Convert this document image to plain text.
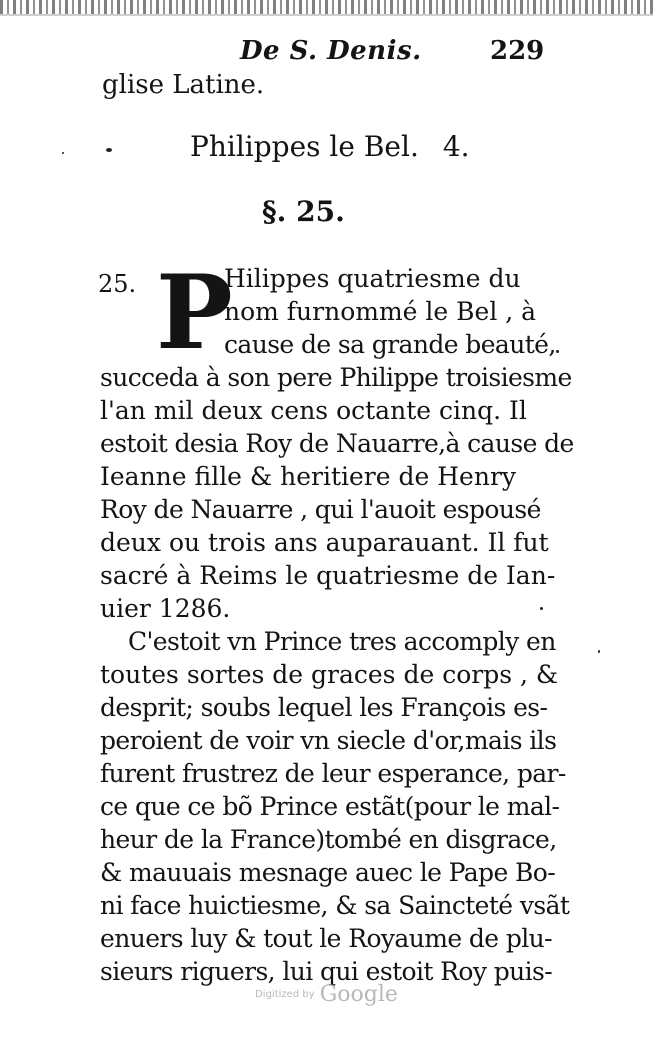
De S. Denis.	229
glise Latine.
Philippes le Bel. 4.
§. 25.
25. P
Hilippes quatriesme du
nom furnommé le Bel , à
cause de sa grande beauté,
succeda à son pere Philippe troisiesme
l'an mil deux cens octante cinq. Il
estoit desia Roy de Nauarre,à cause de
Ieanne fille & heritiere de Henry
Roy de Nauarre , qui l'auoit espousé
deux ou trois ans auparauant. Il fut
sacré à Reims le quatriesme de Ian-
uier 1286.
C'estoit vn Prince tres accomply en
toutes sortes de graces de corps , &
desprit; soubs lequel les François es-
peroient de voir vn siecle d'or,mais ils
furent frustrez de leur esperance, par-
ce que ce bõ Prince estãt(pour le mal-
heur de la France)tombé en disgrace,
& mauuais mesnage auec le Pape Bo-
ni face huictiesme, & sa Saincteté vsãt
enuers luy & tout le Royaume de plu-
sieurs riguers, lui qui estoit Roy puis-
Digitized by Google
